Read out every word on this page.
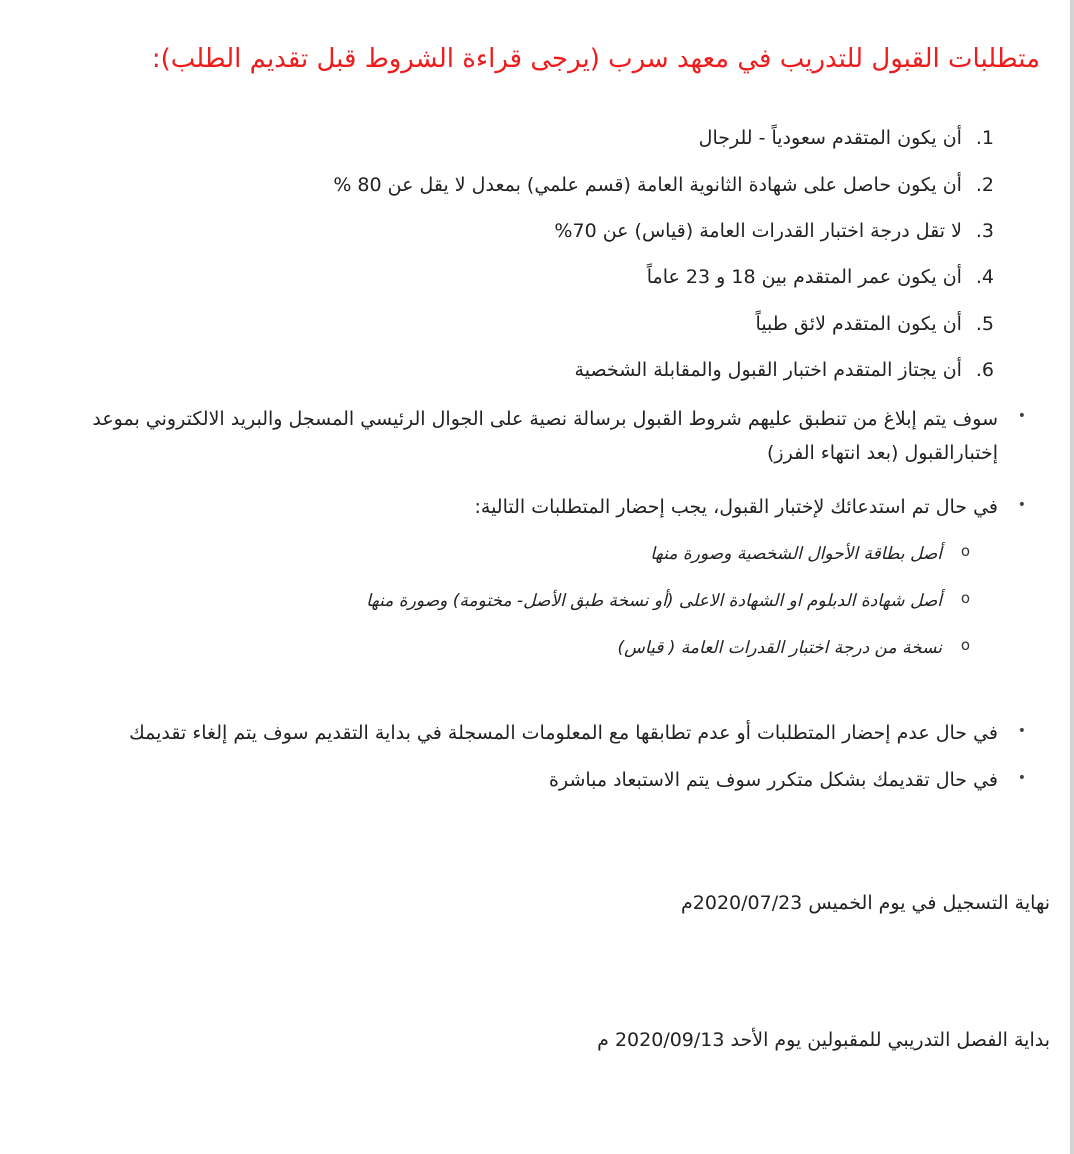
متطلبات القبول للتدريب في معهد سرب (يرجى قراءة الشروط قبل تقديم الطلب):
1. أن يكون المتقدم سعودياً - للرجال
2. أن يكون حاصل على شهادة الثانوية العامة (قسم علمي) بمعدل لا يقل عن 80 %
3. لا تقل درجة اختبار القدرات العامة (قياس) عن 70%
4. أن يكون عمر المتقدم بين 18 و 23 عاماً
5. أن يكون المتقدم لائق طبياً
6. أن يجتاز المتقدم اختبار القبول والمقابلة الشخصية
•
سوف يتم إبلاغ من تنطبق عليهم شروط القبول برسالة نصية على الجوال الرئيسي المسجل والبريد الالكتروني بموعد إختبارالقبول (بعد انتهاء الفرز)
•
في حال تم استدعائك لإختبار القبول، يجب إحضار المتطلبات التالية:
o
أصل بطاقة الأحوال الشخصية وصورة منها
o
أصل شهادة الدبلوم او الشهادة الاعلى (أو نسخة طبق الأصل- مختومة) وصورة منها
o
نسخة من درجة اختبار القدرات العامة ( قياس)
•
في حال عدم إحضار المتطلبات أو عدم تطابقها مع المعلومات المسجلة في بداية التقديم سوف يتم إلغاء تقديمك
•
في حال تقديمك بشكل متكرر سوف يتم الاستبعاد مباشرة
نهاية التسجيل في يوم الخميس 2020/07/23م
بداية الفصل التدريبي للمقبولين يوم الأحد 2020/09/13 م
